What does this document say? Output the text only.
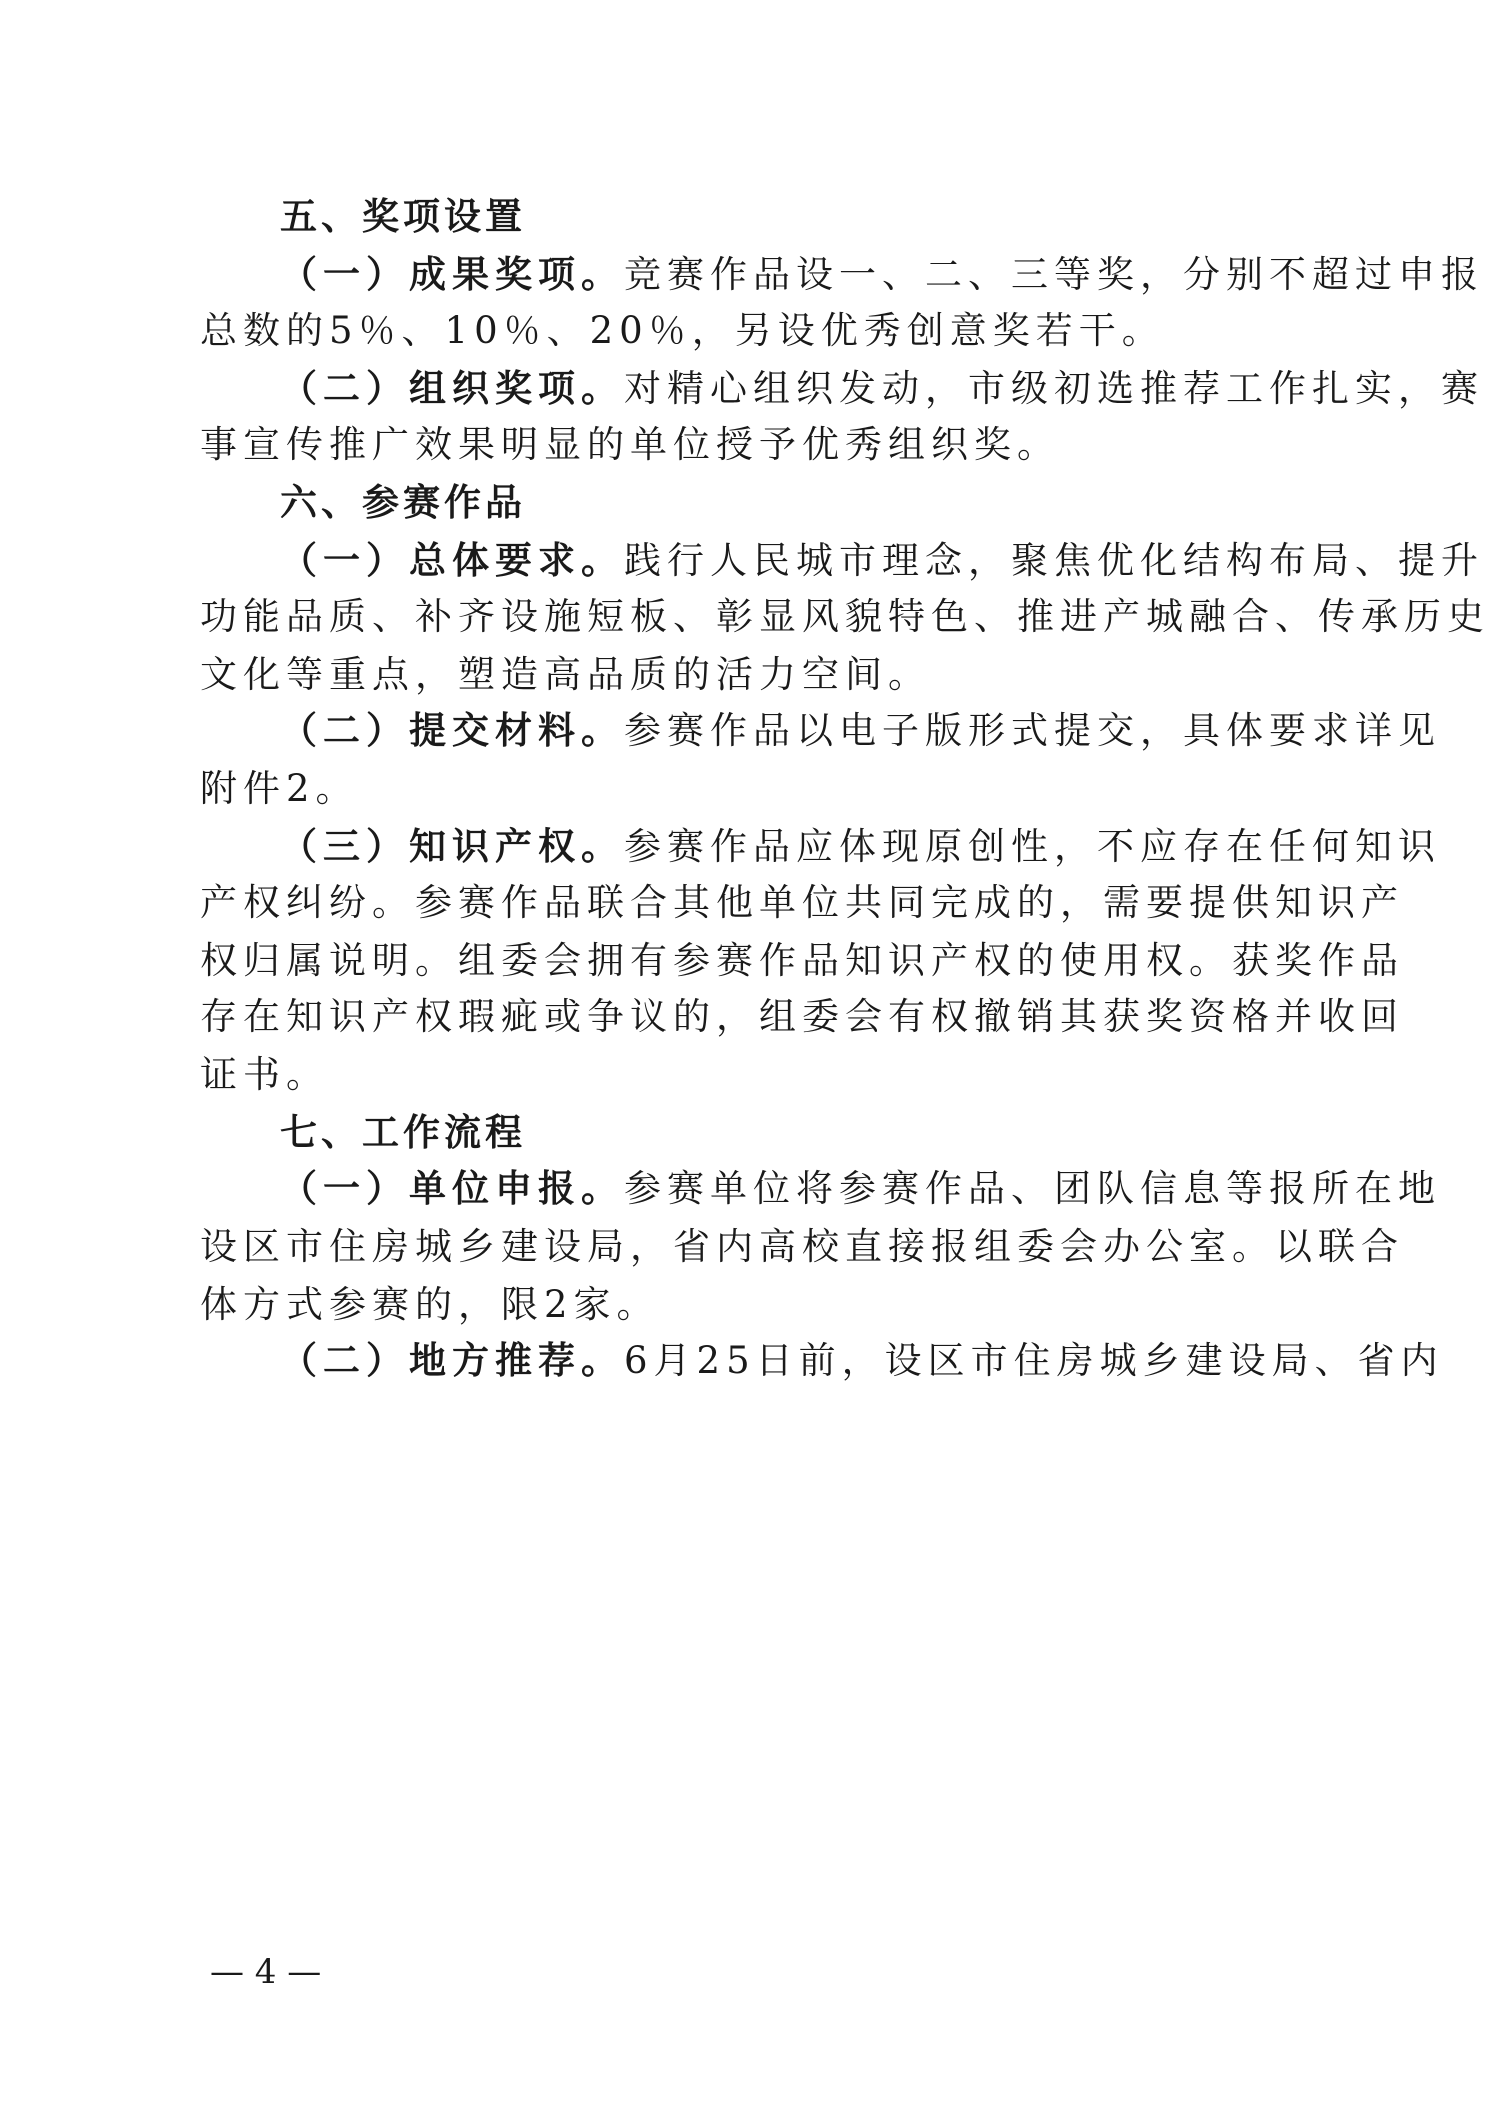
五、奖项设置
（一）成果奖项。竞赛作品设一、二、三等奖，分别不超过申报
总数的5％、10％、20％，另设优秀创意奖若干。
（二）组织奖项。对精心组织发动，市级初选推荐工作扎实，赛
事宣传推广效果明显的单位授予优秀组织奖。
六、参赛作品
（一）总体要求。践行人民城市理念，聚焦优化结构布局、提升
功能品质、补齐设施短板、彰显风貌特色、推进产城融合、传承历史
文化等重点，塑造高品质的活力空间。
（二）提交材料。参赛作品以电子版形式提交，具体要求详见
附件2。
（三）知识产权。参赛作品应体现原创性，不应存在任何知识
产权纠纷。参赛作品联合其他单位共同完成的，需要提供知识产
权归属说明。组委会拥有参赛作品知识产权的使用权。获奖作品
存在知识产权瑕疵或争议的，组委会有权撤销其获奖资格并收回
证书。
七、工作流程
（一）单位申报。参赛单位将参赛作品、团队信息等报所在地
设区市住房城乡建设局，省内高校直接报组委会办公室。以联合
体方式参赛的，限2家。
（二）地方推荐。6月25日前，设区市住房城乡建设局、省内
— 4 —
